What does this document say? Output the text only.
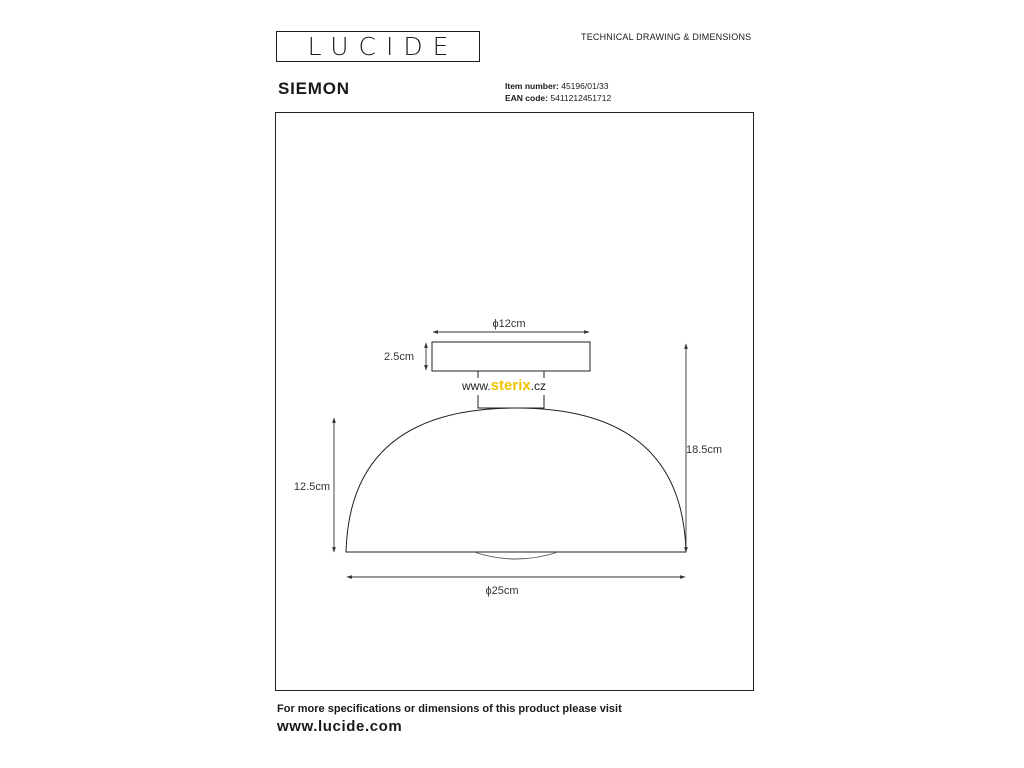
LUCIDE	TECHNICAL DRAWING & DIMENSIONS
SIEMON	Item number: 45196/01/33
EAN code: 5411212451712
ϕ12cm
2.5cm
12.5cm
18.5cm
ϕ25cm
www.sterix.cz
For more specifications or dimensions of this product please visit
www.lucide.com
